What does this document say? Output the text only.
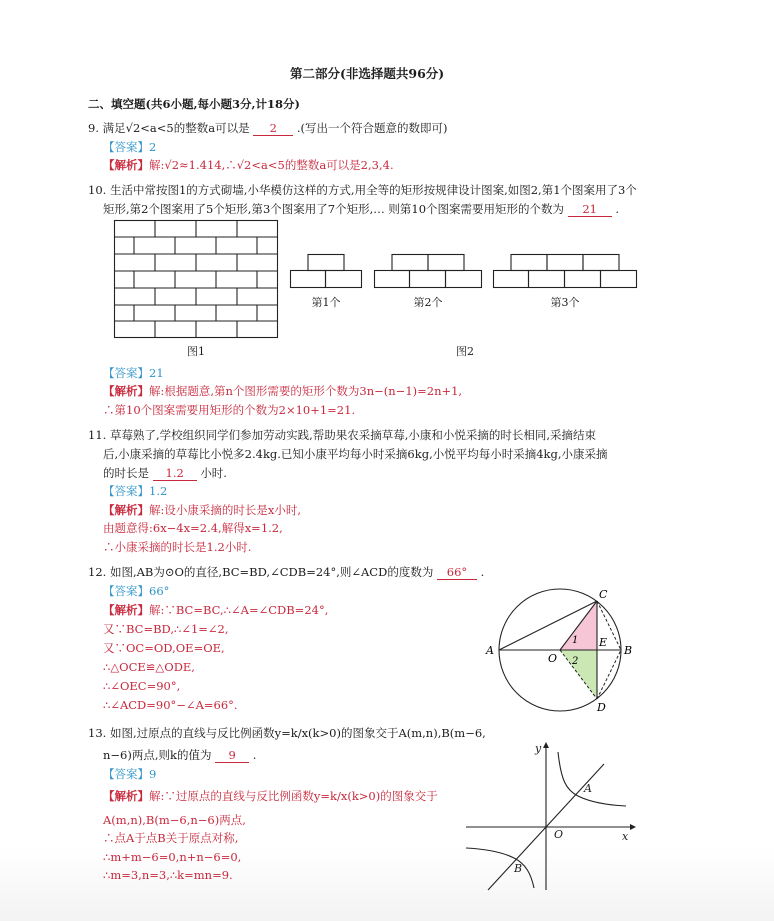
第二部分(非选择题共96分)
二、填空题(共6小题,每小题3分,计18分)
9. 满足√2<a<5的整数a可以是 2 .(写出一个符合题意的数即可)
【答案】2
【解析】解:√2≈1.414,∴√2<a<5的整数a可以是2,3,4.
10. 生活中常按图1的方式砌墙,小华模仿这样的方式,用全等的矩形按规律设计图案,如图2,第1个图案用了3个
矩形,第2个图案用了5个矩形,第3个图案用了7个矩形,… 则第10个图案需要用矩形的个数为 21 .
图1
第1个	第2个	第3个
图2
【答案】21
【解析】解:根据题意,第n个图形需要的矩形个数为3n−(n−1)=2n+1,
∴第10个图案需要用矩形的个数为2×10+1=21.
11. 草莓熟了,学校组织同学们参加劳动实践,帮助果农采摘草莓,小康和小悦采摘的时长相同,采摘结束
后,小康采摘的草莓比小悦多2.4kg.已知小康平均每小时采摘6kg,小悦平均每小时采摘4kg,小康采摘
的时长是 1.2 小时.
【答案】1.2
【解析】解:设小康采摘的时长是x小时,
由题意得:6x−4x=2.4,解得x=1.2,
∴小康采摘的时长是1.2小时.
12. 如图,AB为⊙O的直径,BC=BD,∠CDB=24°,则∠ACD的度数为 66° .
【答案】66°
【解析】解:∵BC=BC,∴∠A=∠CDB=24°,
又∵BC=BD,∴∠1=∠2,
又∵OC=OD,OE=OE,
∴△OCE≌△ODE,
∴∠OEC=90°,
∴∠ACD=90°−∠A=66°.
A	B
C
D
E
O
1
2
13. 如图,过原点的直线与反比例函数y=k/x(k>0)的图象交于A(m,n),B(m−6,
n−6)两点,则k的值为 9 .
【答案】9
【解析】解:∵过原点的直线与反比例函数y=k/x(k>0)的图象交于
A(m,n),B(m−6,n−6)两点,
∴点A于点B关于原点对称,
∴m+m−6=0,n+n−6=0,
∴m=3,n=3,∴k=mn=9.
y
x
O
A
B
